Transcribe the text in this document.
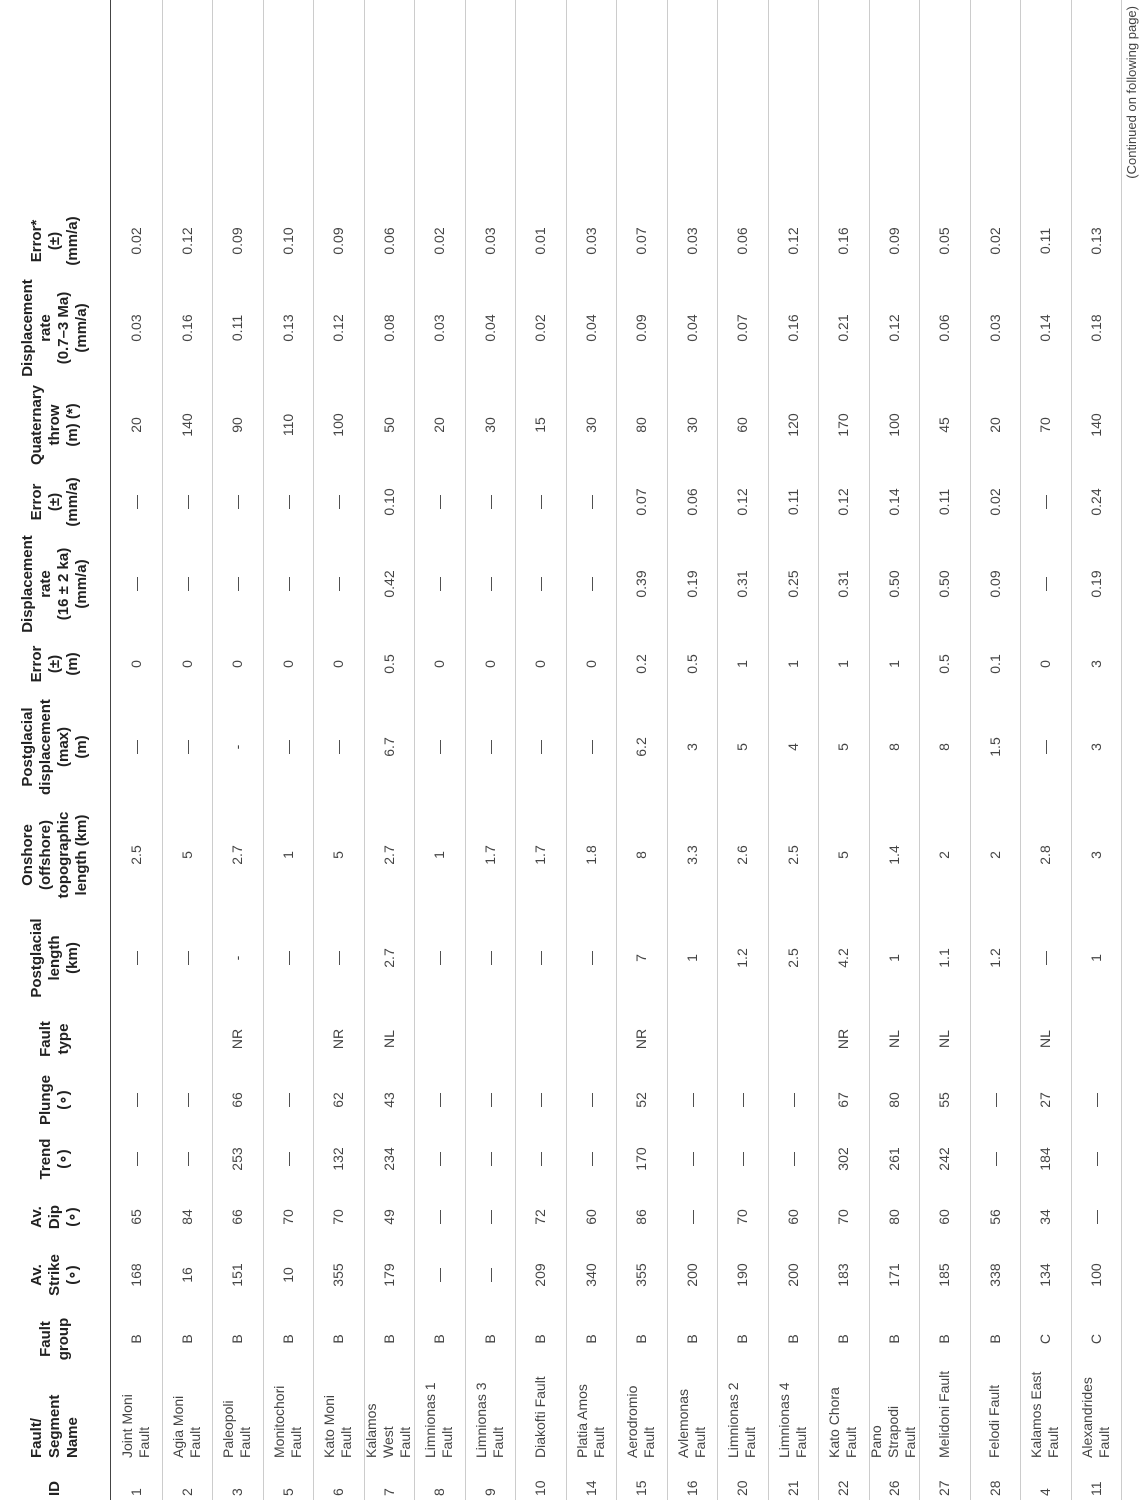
ID
Fault/
Segment
Name
Fault
group
Av.
Strike
(∘)
Av.
Dip
(∘)
Trend
(∘)
Plunge
(∘)
Fault
type
Postglacial
length
(km)
Onshore
(offshore)
topographic
length (km)
Postglacial
displacement
(max)
(m)
Error
(±)
(m)
Displacement
rate
(16 ± 2 ka)
(mm/a)
Error
(±)
(mm/a)
Quaternary
throw
(m) (*)
Displacement
rate
(0.7–3 Ma)
(mm/a)
Error*
(±)
(mm/a)
1
Joint Moni
Fault
B
168
65
—
—
—
2.5
—
0
—
—
20
0.03
0.02
2
Agia Moni
Fault
B
16
84
—
—
—
5
—
0
—
—
140
0.16
0.12
3
Paleopoli Fault
B
151
66
253
66
NR
-
2.7
-
0
—
—
90
0.11
0.09
5
Monitochori
Fault
B
10
70
—
—
—
1
—
0
—
—
110
0.13
0.10
6
Kato Moni
Fault
B
355
70
132
62
NR
—
5
—
0
—
—
100
0.12
0.09
7
Kalamos West
Fault
B
179
49
234
43
NL
2.7
2.7
6.7
0.5
0.42
0.10
50
0.08
0.06
8
Limnionas 1
Fault
B
—
—
—
—
—
1
—
0
—
—
20
0.03
0.02
9
Limnionas 3
Fault
B
—
—
—
—
—
1.7
—
0
—
—
30
0.04
0.03
10
Diakofti Fault
B
209
72
—
—
—
1.7
—
0
—
—
15
0.02
0.01
14
Platia Amos
Fault
B
340
60
—
—
—
1.8
—
0
—
—
30
0.04
0.03
15
Aerodromio
Fault
B
355
86
170
52
NR
7
8
6.2
0.2
0.39
0.07
80
0.09
0.07
16
Avlemonas
Fault
B
200
—
—
—
1
3.3
3
0.5
0.19
0.06
30
0.04
0.03
20
Limnionas 2
Fault
B
190
70
—
—
1.2
2.6
5
1
0.31
0.12
60
0.07
0.06
21
Limnionas 4
Fault
B
200
60
—
—
2.5
2.5
4
1
0.25
0.11
120
0.16
0.12
22
Kato Chora
Fault
B
183
70
302
67
NR
4.2
5
5
1
0.31
0.12
170
0.21
0.16
26
Pano Strapodi
Fault
B
171
80
261
80
NL
1
1.4
8
1
0.50
0.14
100
0.12
0.09
27
Melidoni Fault
B
185
60
242
55
NL
1.1
2
8
0.5
0.50
0.11
45
0.06
0.05
28
Felodi Fault
B
338
56
—
—
1.2
2
1.5
0.1
0.09
0.02
20
0.03
0.02
4
Kalamos East
Fault
C
134
34
184
27
NL
—
2.8
—
0
—
—
70
0.14
0.11
11
Alexandrides
Fault
C
100
—
—
—
1
3
3
3
0.19
0.24
140
0.18
0.13
(Continued on following page)
